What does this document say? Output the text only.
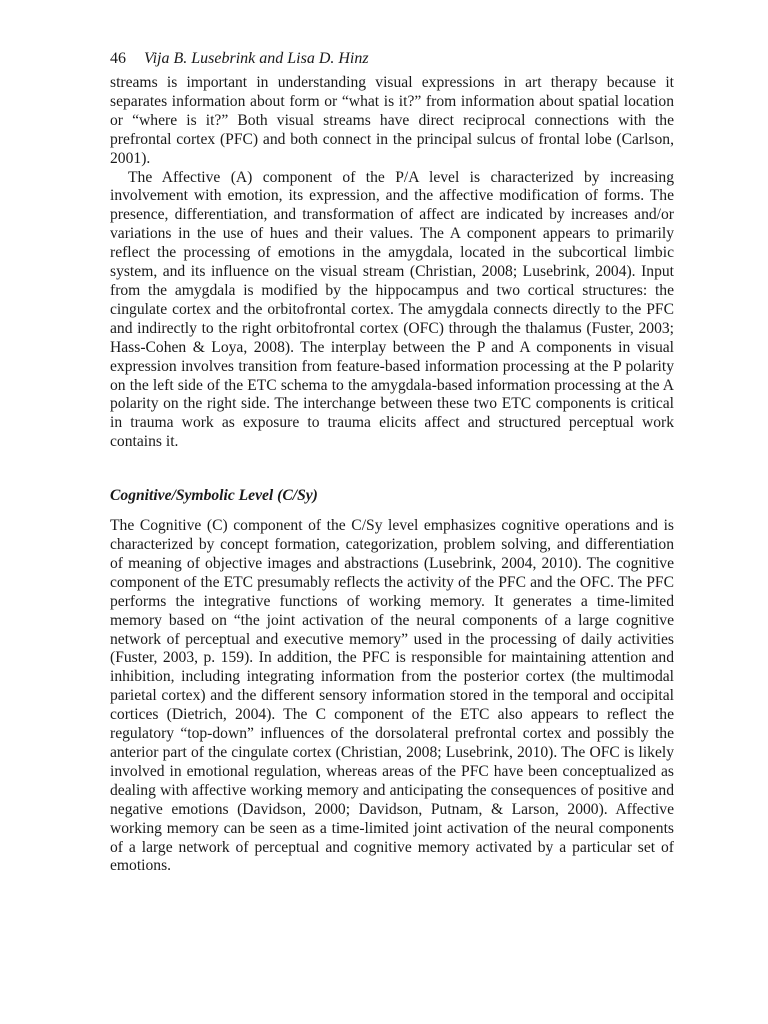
46 Vija B. Lusebrink and Lisa D. Hinz

streams is important in understanding visual expressions in art therapy because it separates information about form or “what is it?” from information about spatial location or “where is it?” Both visual streams have direct reciprocal connections with the prefrontal cortex (PFC) and both connect in the principal sulcus of frontal lobe (Carlson, 2001).

The Affective (A) component of the P/A level is characterized by increasing involvement with emotion, its expression, and the affective modification of forms. The presence, differentiation, and transformation of affect are indicated by increases and/or variations in the use of hues and their values. The A component appears to primarily reflect the processing of emotions in the amygdala, located in the subcortical limbic system, and its influence on the visual stream (Christian, 2008; Lusebrink, 2004). Input from the amygdala is modified by the hippocampus and two cortical structures: the cingulate cortex and the orbitofrontal cortex. The amygdala connects directly to the PFC and indirectly to the right orbitofrontal cortex (OFC) through the thalamus (Fuster, 2003; Hass-Cohen & Loya, 2008). The interplay between the P and A components in visual expression involves transition from feature-based information processing at the P polarity on the left side of the ETC schema to the amygdala-based information processing at the A polarity on the right side. The interchange between these two ETC components is critical in trauma work as exposure to trauma elicits affect and structured perceptual work contains it.

Cognitive/Symbolic Level (C/Sy)

The Cognitive (C) component of the C/Sy level emphasizes cognitive operations and is characterized by concept formation, categorization, problem solving, and differentiation of meaning of objective images and abstractions (Lusebrink, 2004, 2010). The cognitive component of the ETC presumably reflects the activity of the PFC and the OFC. The PFC performs the integrative functions of working memory. It generates a time-limited memory based on “the joint activation of the neural components of a large cognitive network of perceptual and executive memory” used in the processing of daily activities (Fuster, 2003, p. 159). In addition, the PFC is responsible for maintaining attention and inhibition, including integrating information from the posterior cortex (the multimodal parietal cortex) and the different sensory information stored in the temporal and occipital cortices (Dietrich, 2004). The C component of the ETC also appears to reflect the regulatory “top-down” influences of the dorsolateral prefrontal cortex and possibly the anterior part of the cingulate cortex (Christian, 2008; Lusebrink, 2010). The OFC is likely involved in emotional regulation, whereas areas of the PFC have been conceptualized as dealing with affective working memory and anticipating the consequences of positive and negative emotions (Davidson, 2000; Davidson, Putnam, & Larson, 2000). Affective working memory can be seen as a time-limited joint activation of the neural components of a large network of perceptual and cognitive memory activated by a particular set of emotions.
